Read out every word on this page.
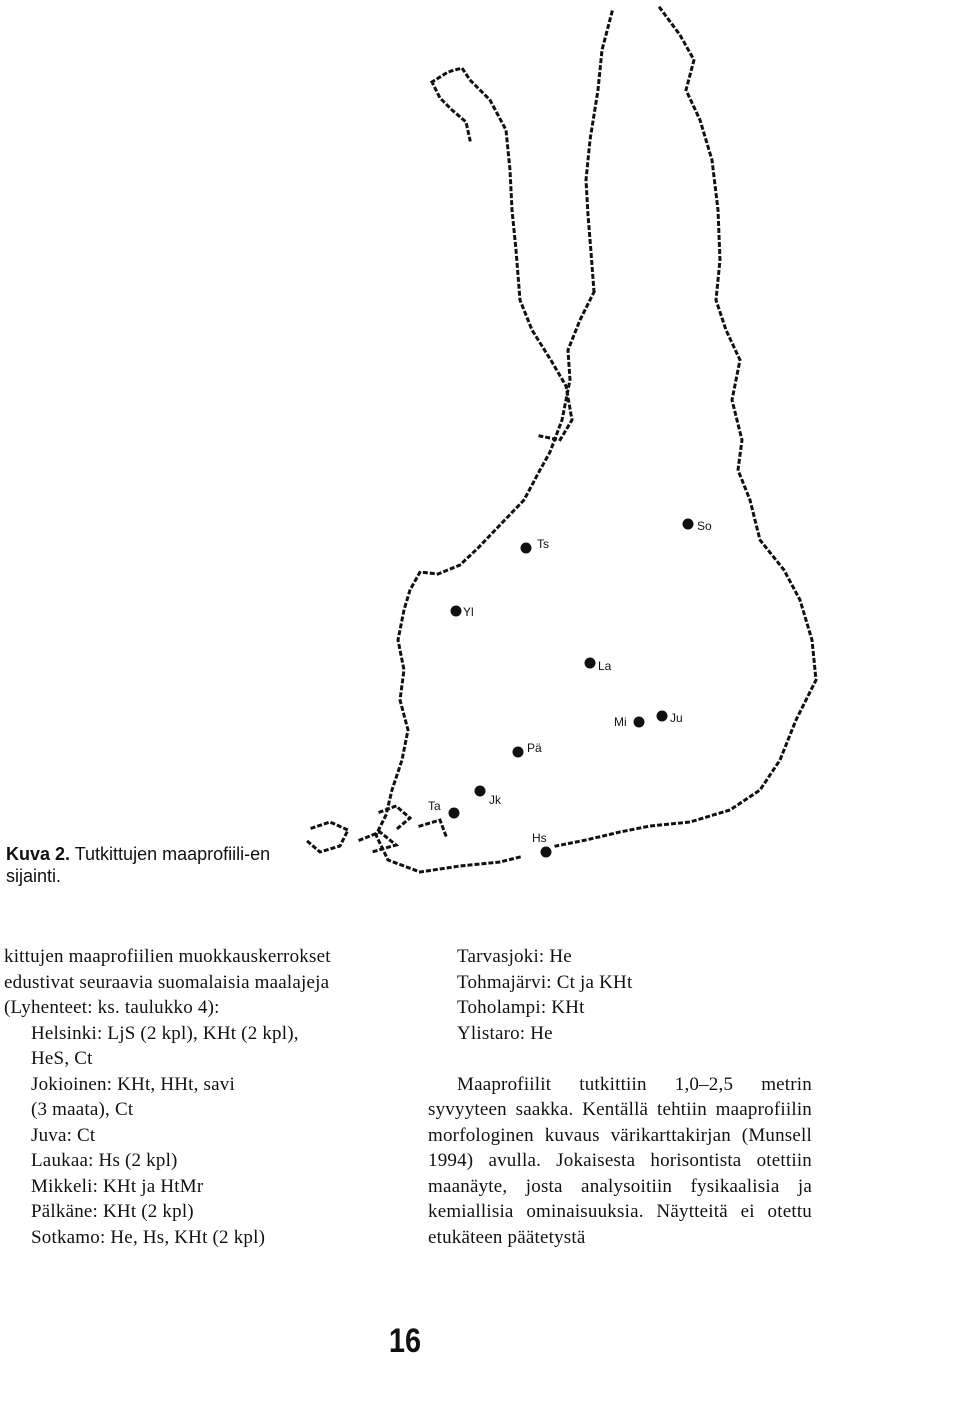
So
Ts
Yl
La
Mi	Ju
Pä
Jk
Ta
Hs
Kuva 2. Tutkittujen maaprofiili-en sijainti.
kittujen maaprofiilien muokkauskerrokset
edustivat seuraavia suomalaisia maalajeja
(Lyhenteet: ks. taulukko 4):
Helsinki: LjS (2 kpl), KHt (2 kpl),
HeS, Ct
Jokioinen: KHt, HHt, savi
(3 maata), Ct
Juva: Ct
Laukaa: Hs (2 kpl)
Mikkeli: KHt ja HtMr
Pälkäne: KHt (2 kpl)
Sotkamo: He, Hs, KHt (2 kpl)
Tarvasjoki: He
Tohmajärvi: Ct ja KHt
Toholampi: KHt
Ylistaro: He
Maaprofiilit tutkittiin 1,0–2,5 metrin syvyyteen saakka. Kentällä tehtiin maaprofiilin morfologinen kuvaus värikarttakirjan (Munsell 1994) avulla. Jokaisesta horisontista otettiin maanäyte, josta analysoitiin fysikaalisia ja kemiallisia ominaisuuksia. Näytteitä ei otettu etukäteen päätetystä
16
